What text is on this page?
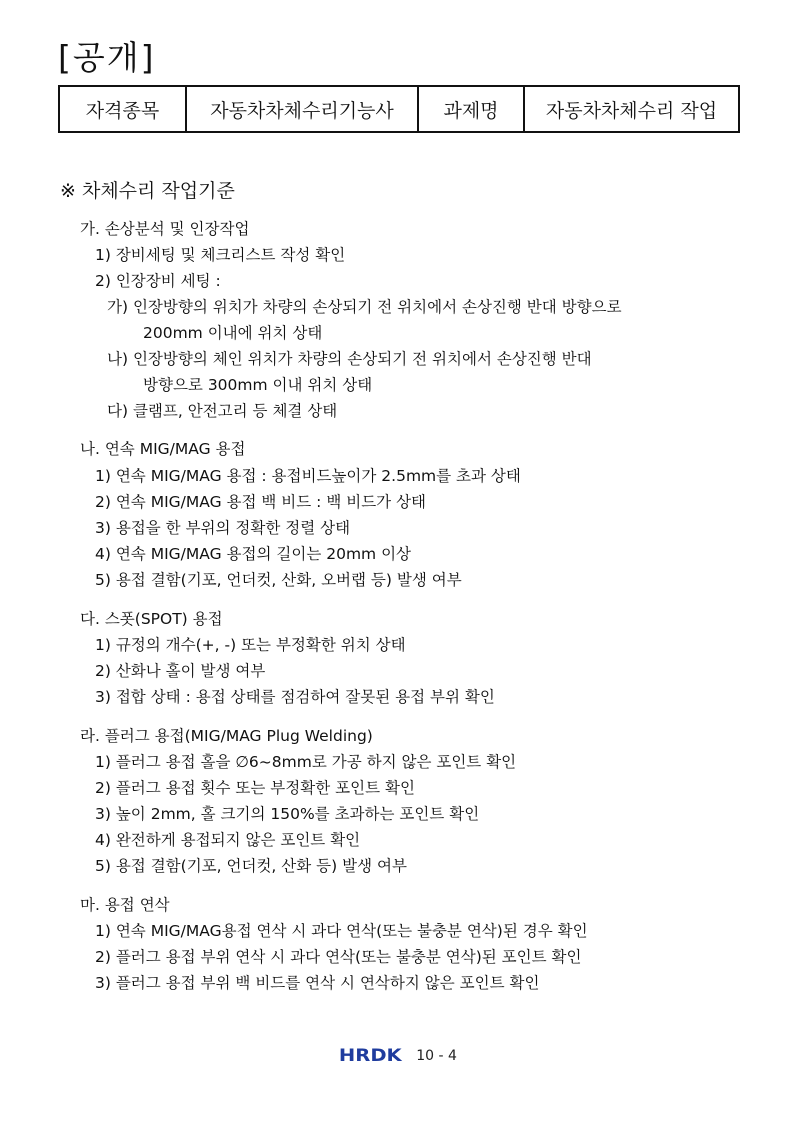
[공개]
자격종목	자동차차체수리기능사	과제명	자동차차체수리 작업
※ 차체수리 작업기준
가. 손상분석 및 인장작업
1) 장비세팅 및 체크리스트 작성 확인
2) 인장장비 세팅 :
가) 인장방향의 위치가 차량의 손상되기 전 위치에서 손상진행 반대 방향으로
200mm 이내에 위치 상태
나) 인장방향의 체인 위치가 차량의 손상되기 전 위치에서 손상진행 반대
방향으로 300mm 이내 위치 상태
다) 클램프, 안전고리 등 체결 상태
나. 연속 MIG/MAG 용접
1) 연속 MIG/MAG 용접 : 용접비드높이가 2.5mm를 초과 상태
2) 연속 MIG/MAG 용접 백 비드 : 백 비드가 상태
3) 용접을 한 부위의 정확한 정렬 상태
4) 연속 MIG/MAG 용접의 길이는 20mm 이상
5) 용접 결함(기포, 언더컷, 산화, 오버랩 등) 발생 여부
다. 스폿(SPOT) 용접
1) 규정의 개수(+, -) 또는 부정확한 위치 상태
2) 산화나 홀이 발생 여부
3) 접합 상태 : 용접 상태를 점검하여 잘못된 용접 부위 확인
라. 플러그 용접(MIG/MAG Plug Welding)
1) 플러그 용접 홀을 ∅6~8mm로 가공 하지 않은 포인트 확인
2) 플러그 용접 횟수 또는 부정확한 포인트 확인
3) 높이 2mm, 홀 크기의 150%를 초과하는 포인트 확인
4) 완전하게 용접되지 않은 포인트 확인
5) 용접 결함(기포, 언더컷, 산화 등) 발생 여부
마. 용접 연삭
1) 연속 MIG/MAG용접 연삭 시 과다 연삭(또는 불충분 연삭)된 경우 확인
2) 플러그 용접 부위 연삭 시 과다 연삭(또는 불충분 연삭)된 포인트 확인
3) 플러그 용접 부위 백 비드를 연삭 시 연삭하지 않은 포인트 확인
HRDK 10 - 4
